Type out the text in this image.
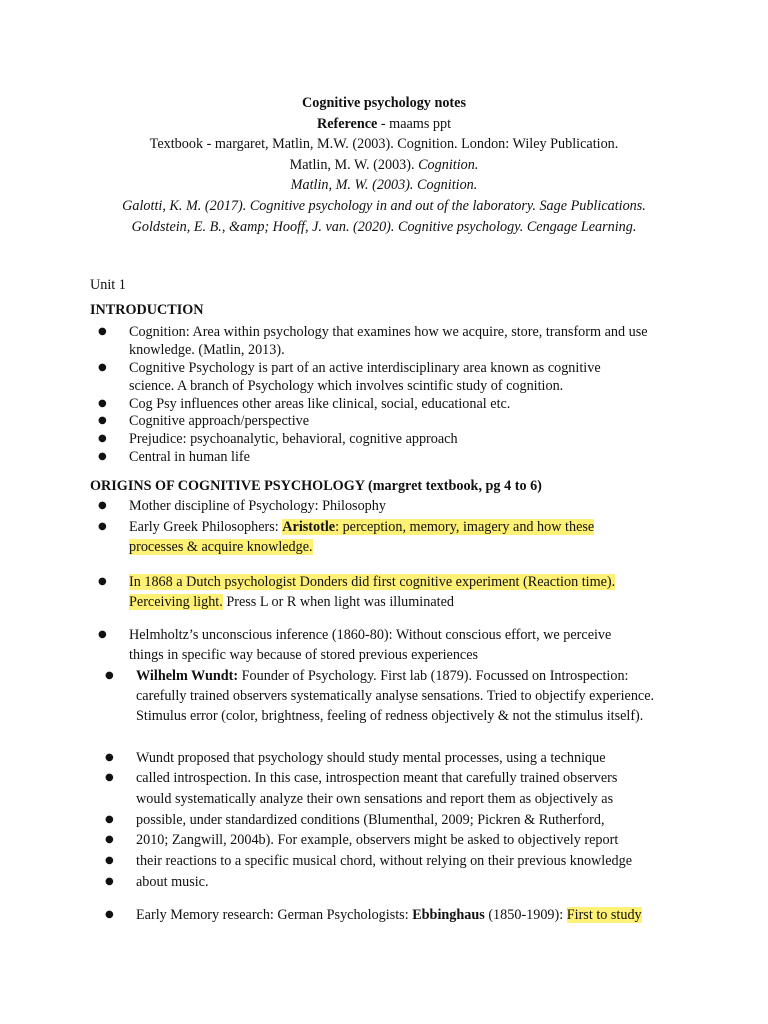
Cognitive psychology notes
Reference - maams ppt
Textbook - margaret, Matlin, M.W. (2003). Cognition. London: Wiley Publication.
Matlin, M. W. (2003). Cognition.
Matlin, M. W. (2003). Cognition.
Galotti, K. M. (2017). Cognitive psychology in and out of the laboratory. Sage Publications.
Goldstein, E. B., &amp; Hooff, J. van. (2020). Cognitive psychology. Cengage Learning.
Unit 1
INTRODUCTION
● Cognition: Area within psychology that examines how we acquire, store, transform and use knowledge. (Matlin, 2013).
● Cognitive Psychology is part of an active interdisciplinary area known as cognitive science. A branch of Psychology which involves scintific study of cognition.
● Cog Psy influences other areas like clinical, social, educational etc.
● Cognitive approach/perspective
● Prejudice: psychoanalytic, behavioral, cognitive approach
● Central in human life
ORIGINS OF COGNITIVE PSYCHOLOGY (margret textbook, pg 4 to 6)
● Mother discipline of Psychology: Philosophy
● Early Greek Philosophers: Aristotle: perception, memory, imagery and how these processes & acquire knowledge.
● In 1868 a Dutch psychologist Donders did first cognitive experiment (Reaction time). Perceiving light. Press L or R when light was illuminated
● Helmholtz’s unconscious inference (1860-80): Without conscious effort, we perceive things in specific way because of stored previous experiences
● Wilhelm Wundt: Founder of Psychology. First lab (1879). Focussed on Introspection: carefully trained observers systematically analyse sensations. Tried to objectify experience. Stimulus error (color, brightness, feeling of redness objectively & not the stimulus itself).
● Wundt proposed that psychology should study mental processes, using a technique
● called introspection. In this case, introspection meant that carefully trained observers
would systematically analyze their own sensations and report them as objectively as
● possible, under standardized conditions (Blumenthal, 2009; Pickren & Rutherford,
● 2010; Zangwill, 2004b). For example, observers might be asked to objectively report
● their reactions to a specific musical chord, without relying on their previous knowledge
● about music.
● Early Memory research: German Psychologists: Ebbinghaus (1850-1909): First to study
